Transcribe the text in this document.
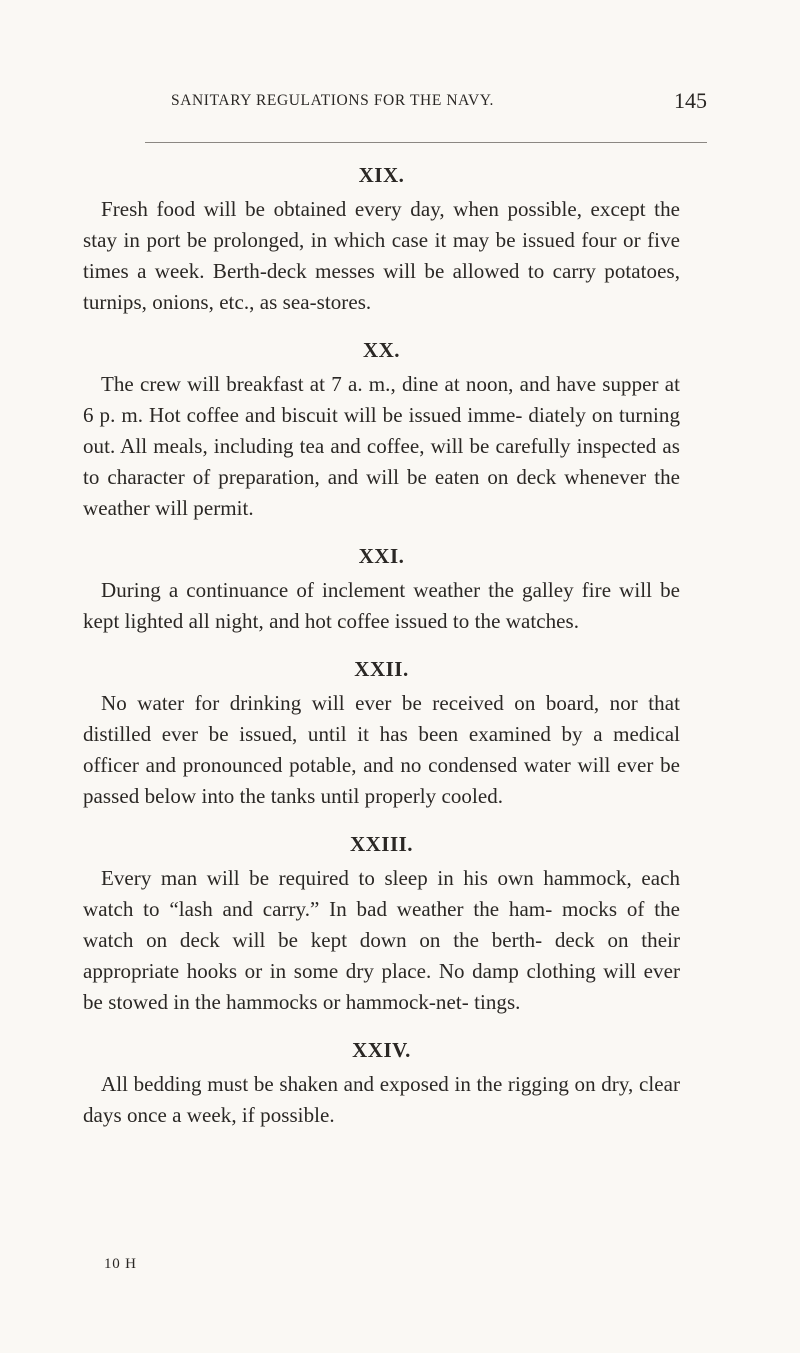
SANITARY REGULATIONS FOR THE NAVY.	145
XIX.

Fresh food will be obtained every day, when possible, except the stay in port be prolonged, in which case it may be issued four or five times a week. Berth-deck messes will be allowed to carry potatoes, turnips, onions, etc., as sea-stores.

XX.

The crew will breakfast at 7 a. m., dine at noon, and have supper at 6 p. m. Hot coffee and biscuit will be issued imme- diately on turning out. All meals, including tea and coffee, will be carefully inspected as to character of preparation, and will be eaten on deck whenever the weather will permit.

XXI.

During a continuance of inclement weather the galley fire will be kept lighted all night, and hot coffee issued to the watches.

XXII.

No water for drinking will ever be received on board, nor that distilled ever be issued, until it has been examined by a medical officer and pronounced potable, and no condensed water will ever be passed below into the tanks until properly cooled.

XXIII.

Every man will be required to sleep in his own hammock, each watch to “lash and carry.” In bad weather the ham- mocks of the watch on deck will be kept down on the berth- deck on their appropriate hooks or in some dry place. No damp clothing will ever be stowed in the hammocks or hammock-net- tings.

XXIV.

All bedding must be shaken and exposed in the rigging on dry, clear days once a week, if possible.

10 H
